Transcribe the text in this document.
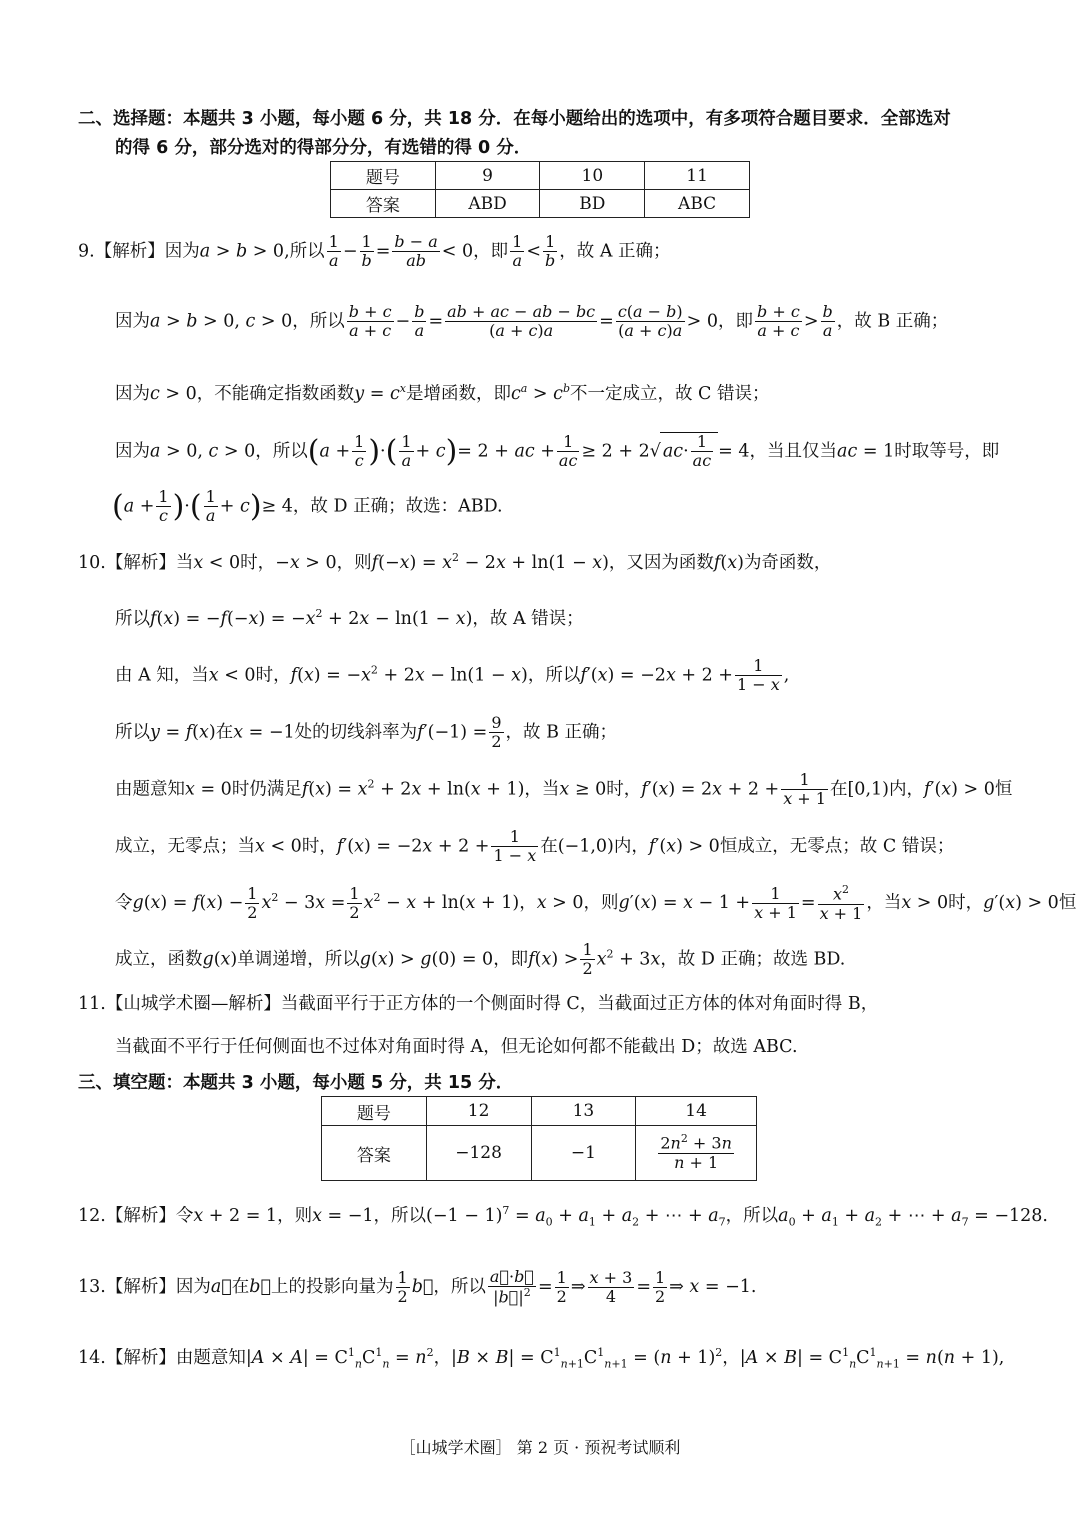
二、选择题：本题共 3 小题，每小题 6 分，共 18 分．在每小题给出的选项中，有多项符合题目要求．全部选对
的得 6 分，部分选对的得部分分，有选错的得 0 分．
题号	9	10	11
答案	ABD	BD	ABC
9.【解析】因为a > b > 0,所以 $\frac{1}{a} - \frac{1}{b} = \frac{b - a}{ab} < 0$，即 $\frac{1}{a} < \frac{1}{b}$ ，故 A 正确；
因为a > b > 0, c > 0，所以 $\frac{b + c}{a + c} - \frac{b}{a} = \frac{ab + ac - ab - bc}{(a + c)a} = \frac{c(a - b)}{(a + c)a} > 0$，即 $\frac{b + c}{a + c} > \frac{b}{a}$ ，故 B 正确；
因为c > 0，不能确定指数函数$y = c^x$是增函数，即$c^a > c^b$不一定成立，故 C 错误；
因为a > 0, c > 0，所以($a + \frac{1}{c}$ )·( $\frac{1}{a} + c)= 2$ + ac + $\frac{1}{ac} \ge 2 + 2√$ $ac\cdot \frac{1}{ac} = 4$，当且仅当ac = 1时取等号，即
($a + \frac{1}{c}$ )·( $\frac{1}{a} + c)\ge 4$，故 D 正确；故选：ABD.
10.【解析】当x < 0时，−x > 0，则$f(-x) = x^2 - 2x + \ln(1 - x)$，又因为函数f(x)为奇函数，
所以$f(x) = -f(-x) = -x^2 + 2x - \ln(1 - x)$，故 A 错误；
由 A 知，当x < 0时，$f(x) = -x^2 + 2x - \ln(1 - x)$，所以$f'(x) = -2x + 2 + \frac{1}{1 - x}$ ,
所以y = f(x)在x = −1处的切线斜率为$f'(-1) = \frac{9}{2}$ ，故 B 正确；
由题意知x = 0时仍满足$f(x) = x^2 + 2x + \ln(x + 1)$，当x ≥ 0时，$f'(x) = 2x + 2 + \frac{1}{x + 1}$ 在[0,1)内，f′(x) > 0恒
成立，无零点；当x < 0时，$f'(x) = -2x + 2 + \frac{1}{1 - x}$ 在(−1,0)内，f′(x) > 0恒成立，无零点；故 C 错误；
令$g(x) = f(x) - \frac{1}{2} x^2 - 3x = \frac{1}{2} x^2 - x + \ln(x + 1)$，x > 0，则$g'(x) = x - 1 + \frac{1}{x + 1} = \frac{x^2}{x + 1}$ ，当x > 0时，g′(x) > 0恒
成立，函数g(x)单调递增，所以g(x) > g(0) = 0，即$f(x) > \frac{1}{2} x^2 + 3x$，故 D 正确；故选 BD.
11.【山城学术圈—解析】当截面平行于正方体的一个侧面时得 C，当截面过正方体的体对角面时得 B，
当截面不平行于任何侧面也不过体对角面时得 A，但无论如何都不能截出 D；故选 ABC.
三、填空题：本题共 3 小题，每小题 5 分，共 15 分．
题号	12	13	14
答案	−128	−1	$\frac{2n^2 + 3n}{n + 1}$
12.【解析】令x + 2 = 1，则x = −1，所以$(-1 - 1)^7 = a_0 + a_1 + a_2$ + ⋯ + $a_7$，所以$a_0 + a_1 + a_2$ + ⋯ + $a_7 = -128$.
13.【解析】因为a⃗在b⃗上的投影向量为 $\frac{1}{2}$ b⃗，所以 $\frac{a⃗\cdot b⃗}{|b⃗|^2} = \frac{1}{2}$ ⇒ $\frac{x + 3}{4} = \frac{1}{2}$ ⇒ x = −1.
14.【解析】由题意知$|A \times A| = C^1_nC^1_n = n^2$，$|B \times B| = C^1_{n+1}C^1_{n+1} = (n + 1)^2$，$|A \times B| = C^1_nC^1_{n+1} = n(n + 1)$,
［山城学术圈］ 第 2 页 · 预祝考试顺利
